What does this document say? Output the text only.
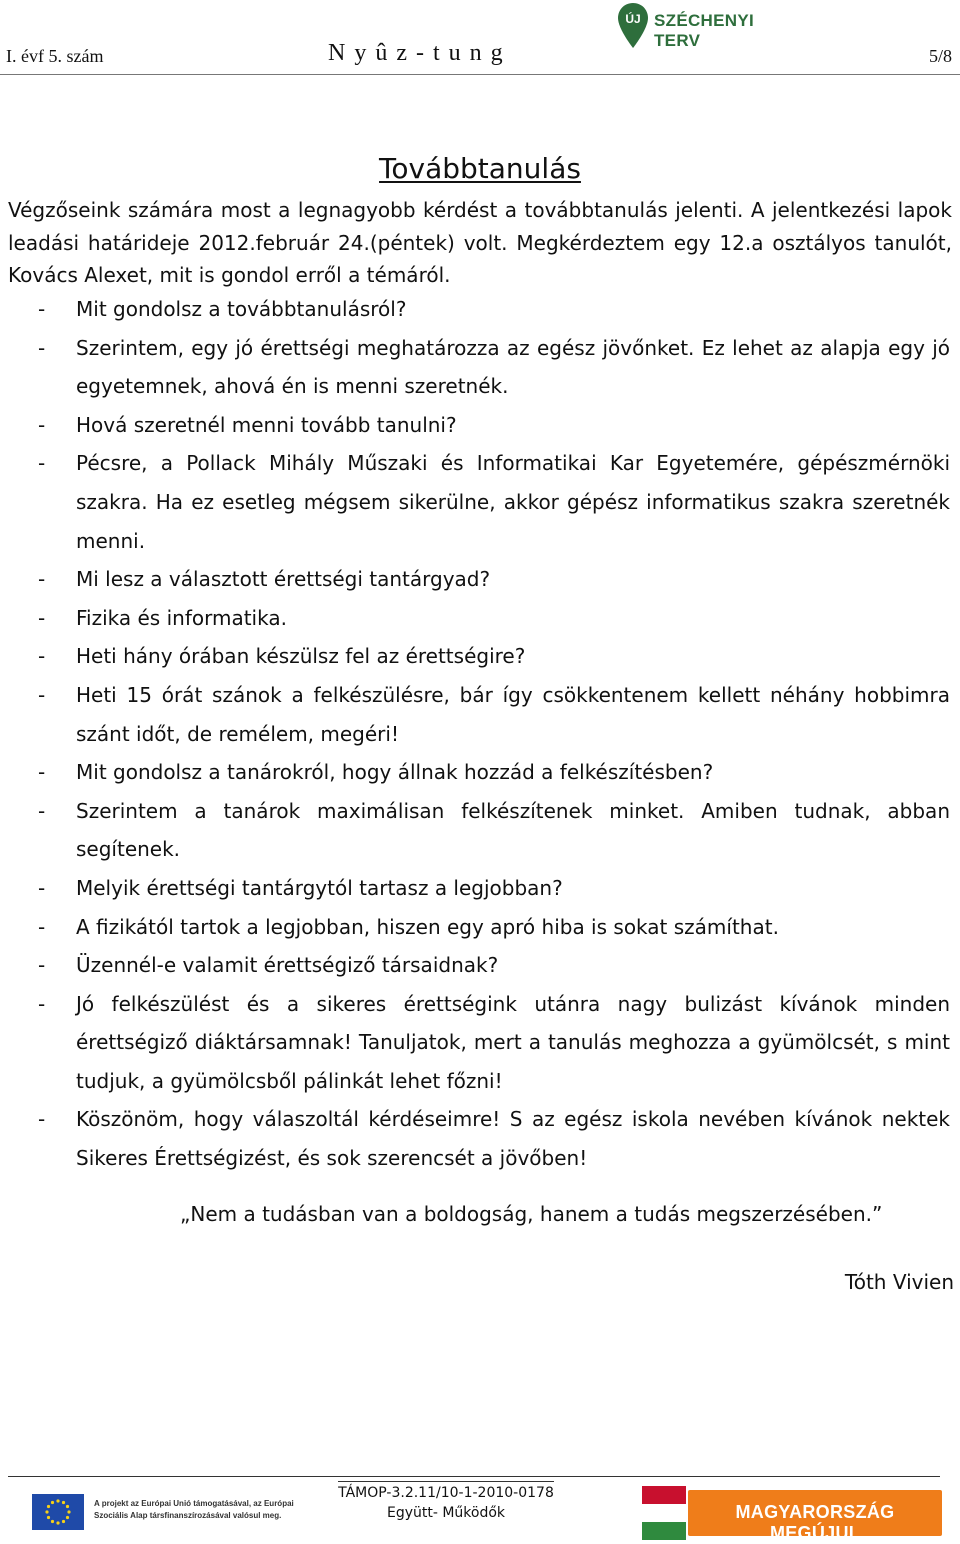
I. évf 5. szám	Nyûz-tung
ÚJ SZÉCHENYI TERV
5/8
Továbbtanulás
Végzőseink számára most a legnagyobb kérdést a továbbtanulás jelenti. A jelentkezési lapok leadási határideje 2012.február 24.(péntek) volt. Megkérdeztem egy 12.a osztályos tanulót, Kovács Alexet, mit is gondol erről a témáról.
- Mit gondolsz a továbbtanulásról?
- Szerintem, egy jó érettségi meghatározza az egész jövőnket. Ez lehet az alapja egy jó egyetemnek, ahová én is menni szeretnék.
- Hová szeretnél menni tovább tanulni?
- Pécsre, a Pollack Mihály Műszaki és Informatikai Kar Egyetemére, gépészmérnöki szakra. Ha ez esetleg mégsem sikerülne, akkor gépész informatikus szakra szeretnék menni.
- Mi lesz a választott érettségi tantárgyad?
- Fizika és informatika.
- Heti hány órában készülsz fel az érettségire?
- Heti 15 órát szánok a felkészülésre, bár így csökkentenem kellett néhány hobbimra szánt időt, de remélem, megéri!
- Mit gondolsz a tanárokról, hogy állnak hozzád a felkészítésben?
- Szerintem a tanárok maximálisan felkészítenek minket. Amiben tudnak, abban segítenek.
- Melyik érettségi tantárgytól tartasz a legjobban?
- A fizikától tartok a legjobban, hiszen egy apró hiba is sokat számíthat.
- Üzennél-e valamit érettségiző társaidnak?
- Jó felkészülést és a sikeres érettségink utánra nagy bulizást kívánok minden érettségiző diáktársamnak! Tanuljatok, mert a tanulás meghozza a gyümölcsét, s mint tudjuk, a gyümölcsből pálinkát lehet főzni!
- Köszönöm, hogy válaszoltál kérdéseimre! S az egész iskola nevében kívánok nektek Sikeres Érettségizést, és sok szerencsét a jövőben!
„Nem a tudásban van a boldogság, hanem a tudás megszerzésében.”
Tóth Vivien
A projekt az Európai Unió támogatásával, az Európai
Szociális Alap társfinanszírozásával valósul meg.
TÁMOP-3.2.11/10-1-2010-0178
Együtt- Működők	MAGYARORSZÁG MEGÚJUL
